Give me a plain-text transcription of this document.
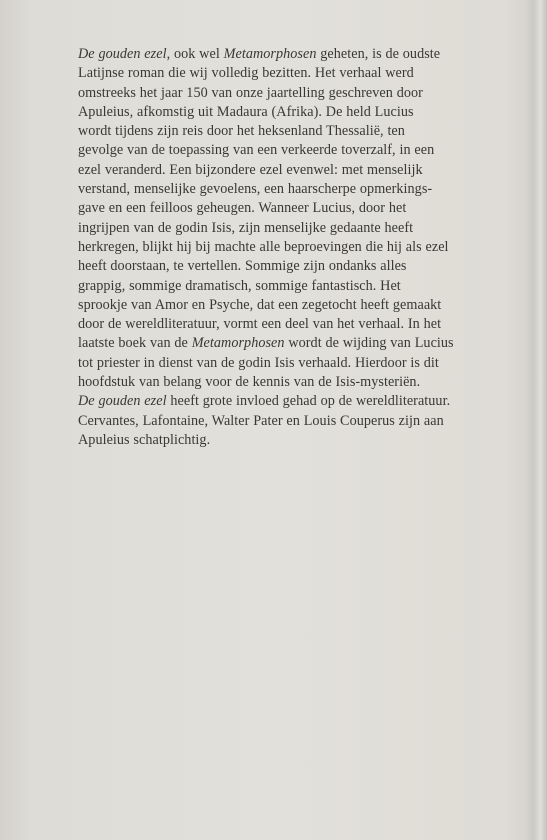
De gouden ezel, ook wel Metamorphosen geheten, is de oudste
Latijnse roman die wij volledig bezitten. Het verhaal werd
omstreeks het jaar 150 van onze jaartelling geschreven door
Apuleius, afkomstig uit Madaura (Afrika). De held Lucius
wordt tijdens zijn reis door het heksenland Thessalië, ten
gevolge van de toepassing van een verkeerde toverzalf, in een
ezel veranderd. Een bijzondere ezel evenwel: met menselijk
verstand, menselijke gevoelens, een haarscherpe opmerkings-
gave en een feilloos geheugen. Wanneer Lucius, door het
ingrijpen van de godin Isis, zijn menselijke gedaante heeft
herkregen, blijkt hij bij machte alle beproevingen die hij als ezel
heeft doorstaan, te vertellen. Sommige zijn ondanks alles
grappig, sommige dramatisch, sommige fantastisch. Het
sprookje van Amor en Psyche, dat een zegetocht heeft gemaakt
door de wereldliteratuur, vormt een deel van het verhaal. In het
laatste boek van de Metamorphosen wordt de wijding van Lucius
tot priester in dienst van de godin Isis verhaald. Hierdoor is dit
hoofdstuk van belang voor de kennis van de Isis-mysteriën.
De gouden ezel heeft grote invloed gehad op de wereldliteratuur.
Cervantes, Lafontaine, Walter Pater en Louis Couperus zijn aan
Apuleius schatplichtig.
